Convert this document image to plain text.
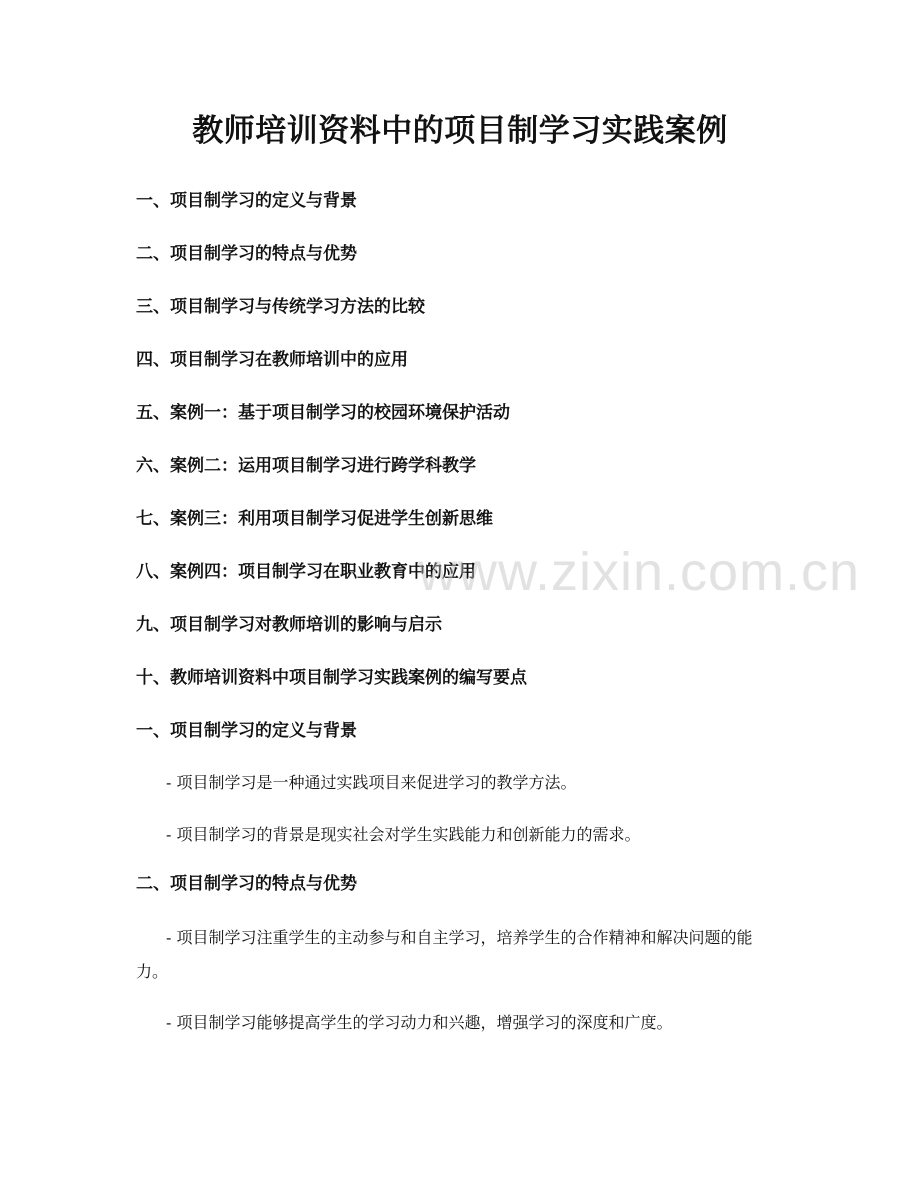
教师培训资料中的项目制学习实践案例
一、项目制学习的定义与背景
二、项目制学习的特点与优势
三、项目制学习与传统学习方法的比较
四、项目制学习在教师培训中的应用
五、案例一：基于项目制学习的校园环境保护活动
六、案例二：运用项目制学习进行跨学科教学
七、案例三：利用项目制学习促进学生创新思维
八、案例四：项目制学习在职业教育中的应用
九、项目制学习对教师培训的影响与启示
十、教师培训资料中项目制学习实践案例的编写要点
一、项目制学习的定义与背景

- 项目制学习是一种通过实践项目来促进学习的教学方法。

- 项目制学习的背景是现实社会对学生实践能力和创新能力的需求。

二、项目制学习的特点与优势

- 项目制学习注重学生的主动参与和自主学习，培养学生的合作精神和解决问题的能力。

- 项目制学习能够提高学生的学习动力和兴趣，增强学习的深度和广度。

www.zixin.com.cn
